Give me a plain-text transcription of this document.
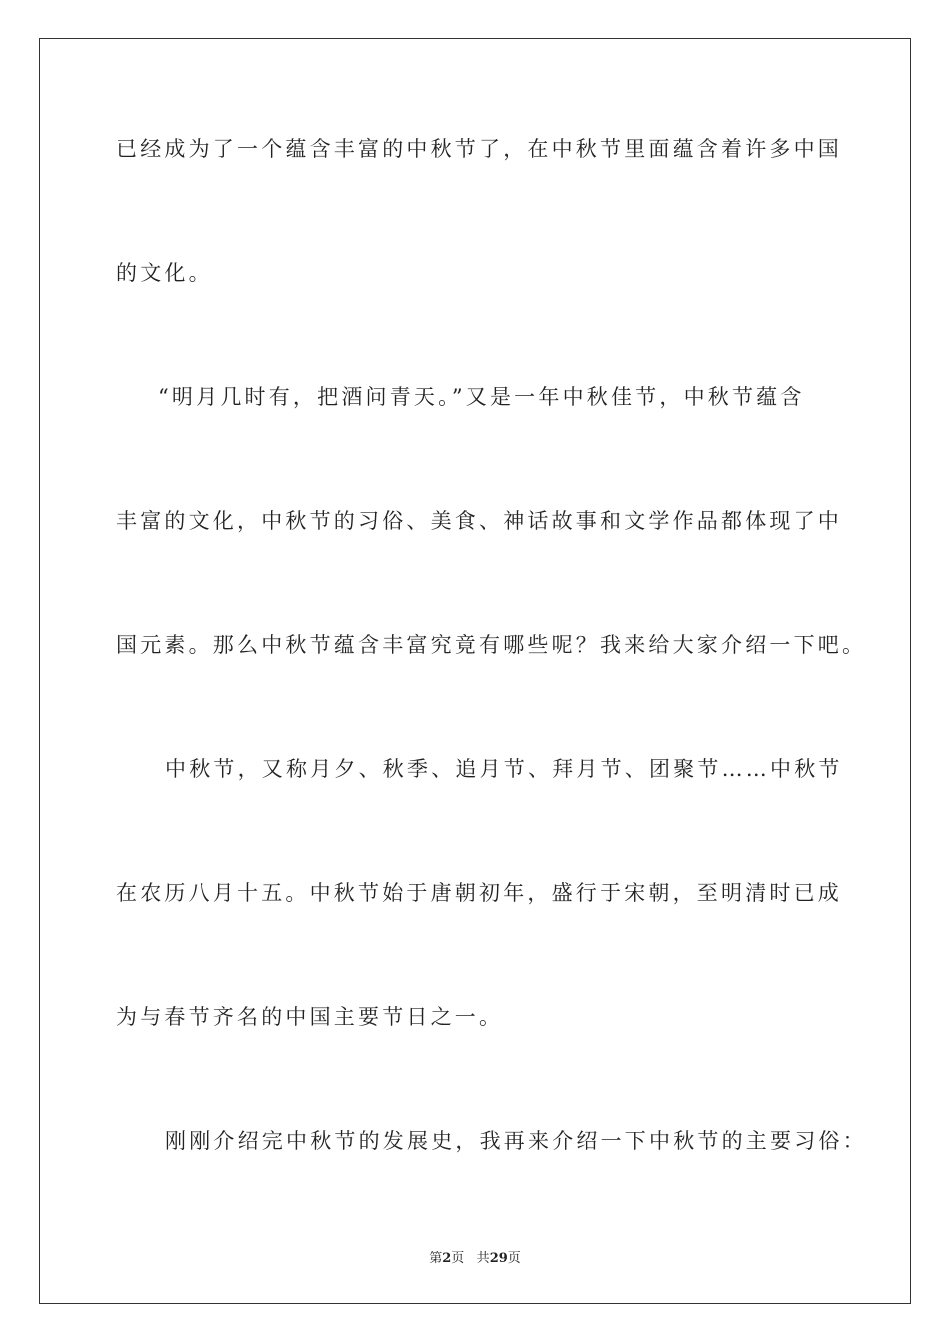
已经成为了一个蕴含丰富的中秋节了，在中秋节里面蕴含着许多中国
的文化。
“明月几时有，把酒问青天。”又是一年中秋佳节，中秋节蕴含
丰富的文化，中秋节的习俗、美食、神话故事和文学作品都体现了中
国元素。那么中秋节蕴含丰富究竟有哪些呢？我来给大家介绍一下吧。
中秋节，又称月夕、秋季、追月节、拜月节、团聚节……中秋节
在农历八月十五。中秋节始于唐朝初年，盛行于宋朝，至明清时已成
为与春节齐名的中国主要节日之一。
刚刚介绍完中秋节的发展史，我再来介绍一下中秋节的主要习俗：
第2页 共29页
